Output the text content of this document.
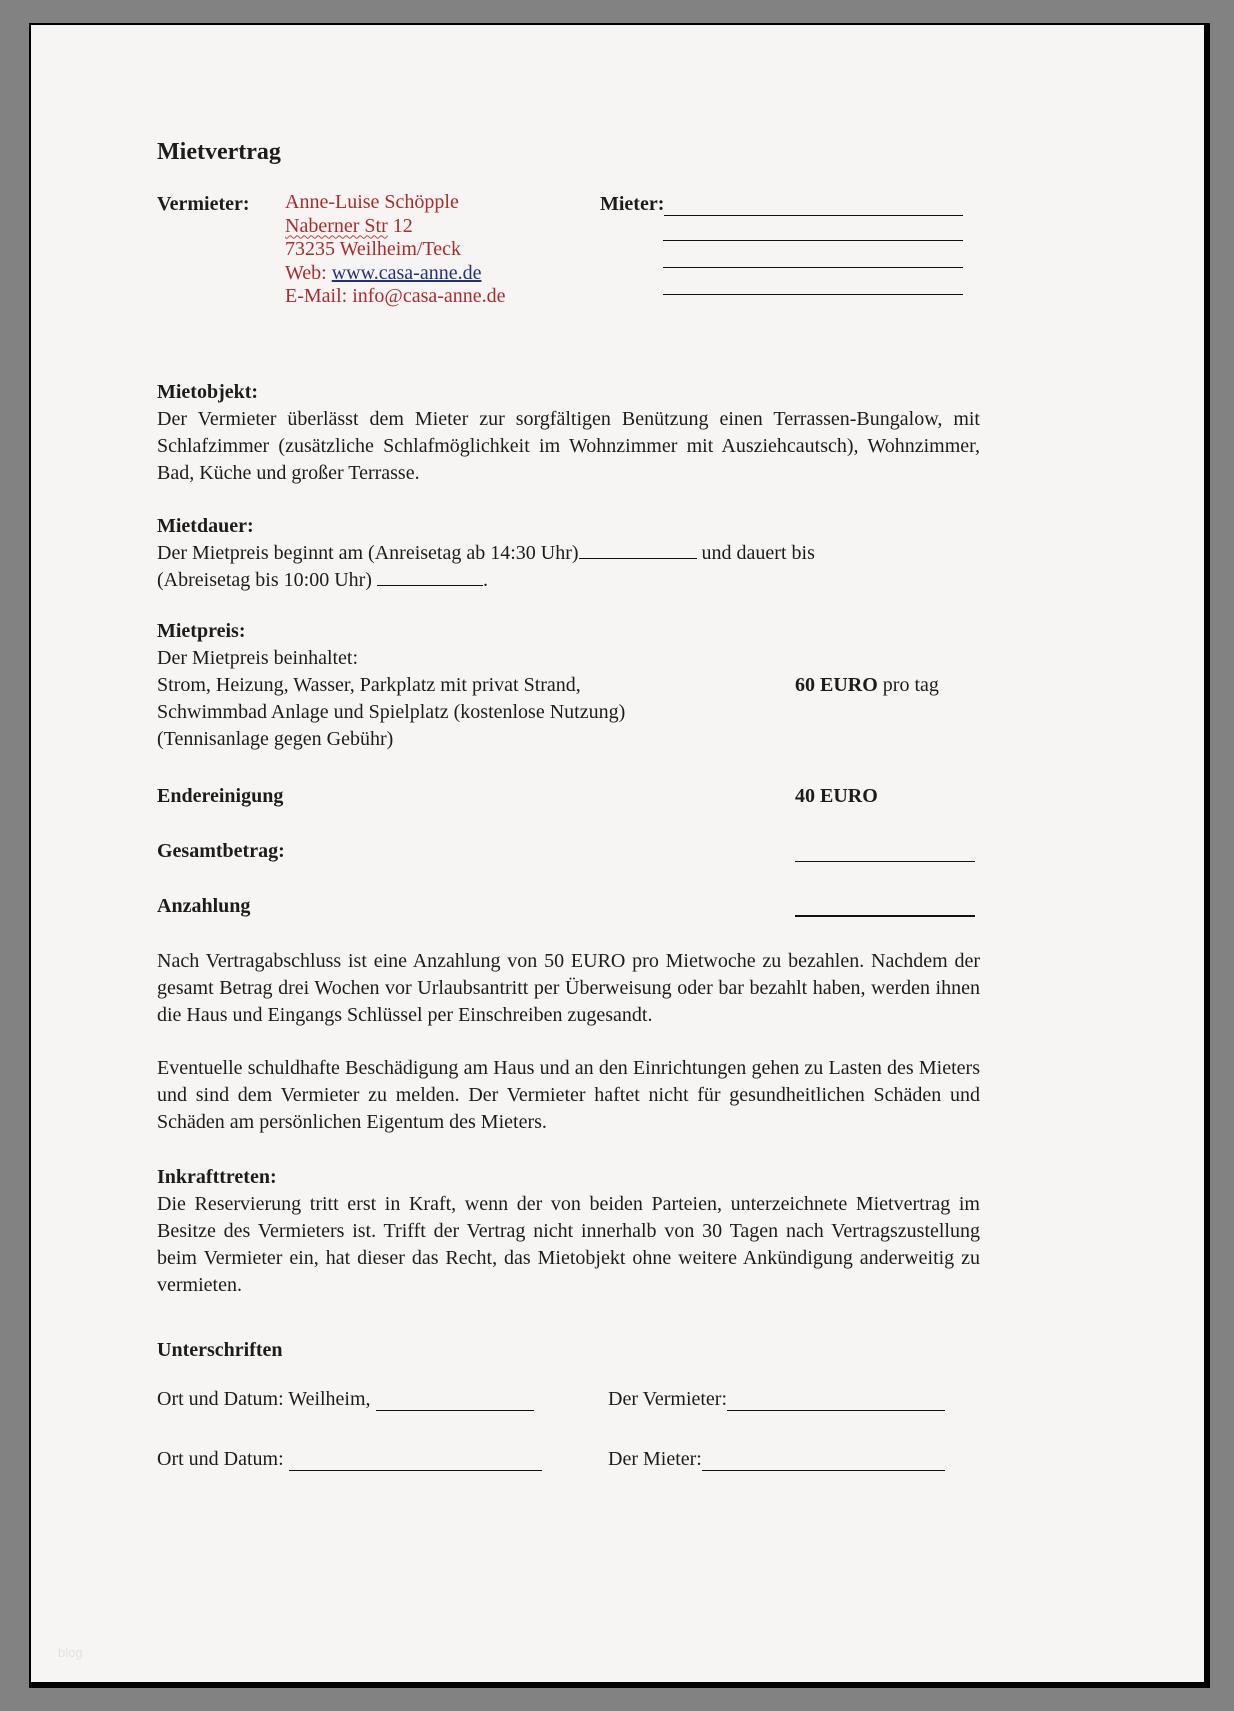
Mietvertrag
Vermieter:	Anne-Luise Schöpple
Naberner Str 12
73235 Weilheim/Teck
Web: www.casa-anne.de
E-Mail: info@casa-anne.de
Mieter:
Mietobjekt:
Der Vermieter überlässt dem Mieter zur sorgfältigen Benützung einen Terrassen-Bungalow, mit Schlafzimmer (zusätzliche Schlafmöglichkeit im Wohnzimmer mit Ausziehcautsch), Wohnzimmer, Bad, Küche und großer Terrasse.
Mietdauer:
Der Mietpreis beginnt am (Anreisetag ab 14:30 Uhr)	und dauert bis
(Abreisetag bis 10:00 Uhr)	.
Mietpreis:
Der Mietpreis beinhaltet:
Strom, Heizung, Wasser, Parkplatz mit privat Strand,	60 EURO pro tag
Schwimmbad Anlage und Spielplatz (kostenlose Nutzung)
(Tennisanlage gegen Gebühr)
Endereinigung	40 EURO
Gesamtbetrag:
Anzahlung
Nach Vertragabschluss ist eine Anzahlung von 50 EURO pro Mietwoche zu bezahlen. Nachdem der gesamt Betrag drei Wochen vor Urlaubsantritt per Überweisung oder bar bezahlt haben, werden ihnen die Haus und Eingangs Schlüssel per Einschreiben zugesandt.
Eventuelle schuldhafte Beschädigung am Haus und an den Einrichtungen gehen zu Lasten des Mieters und sind dem Vermieter zu melden. Der Vermieter haftet nicht für gesundheitlichen Schäden und Schäden am persönlichen Eigentum des Mieters.
Inkrafttreten:
Die Reservierung tritt erst in Kraft, wenn der von beiden Parteien, unterzeichnete Mietvertrag im Besitze des Vermieters ist. Trifft der Vertrag nicht innerhalb von 30 Tagen nach Vertragszustellung beim Vermieter ein, hat dieser das Recht, das Mietobjekt ohne weitere Ankündigung anderweitig zu vermieten.
Unterschriften
Ort und Datum: Weilheim,	Der Vermieter:
Ort und Datum:	Der Mieter:
blog
